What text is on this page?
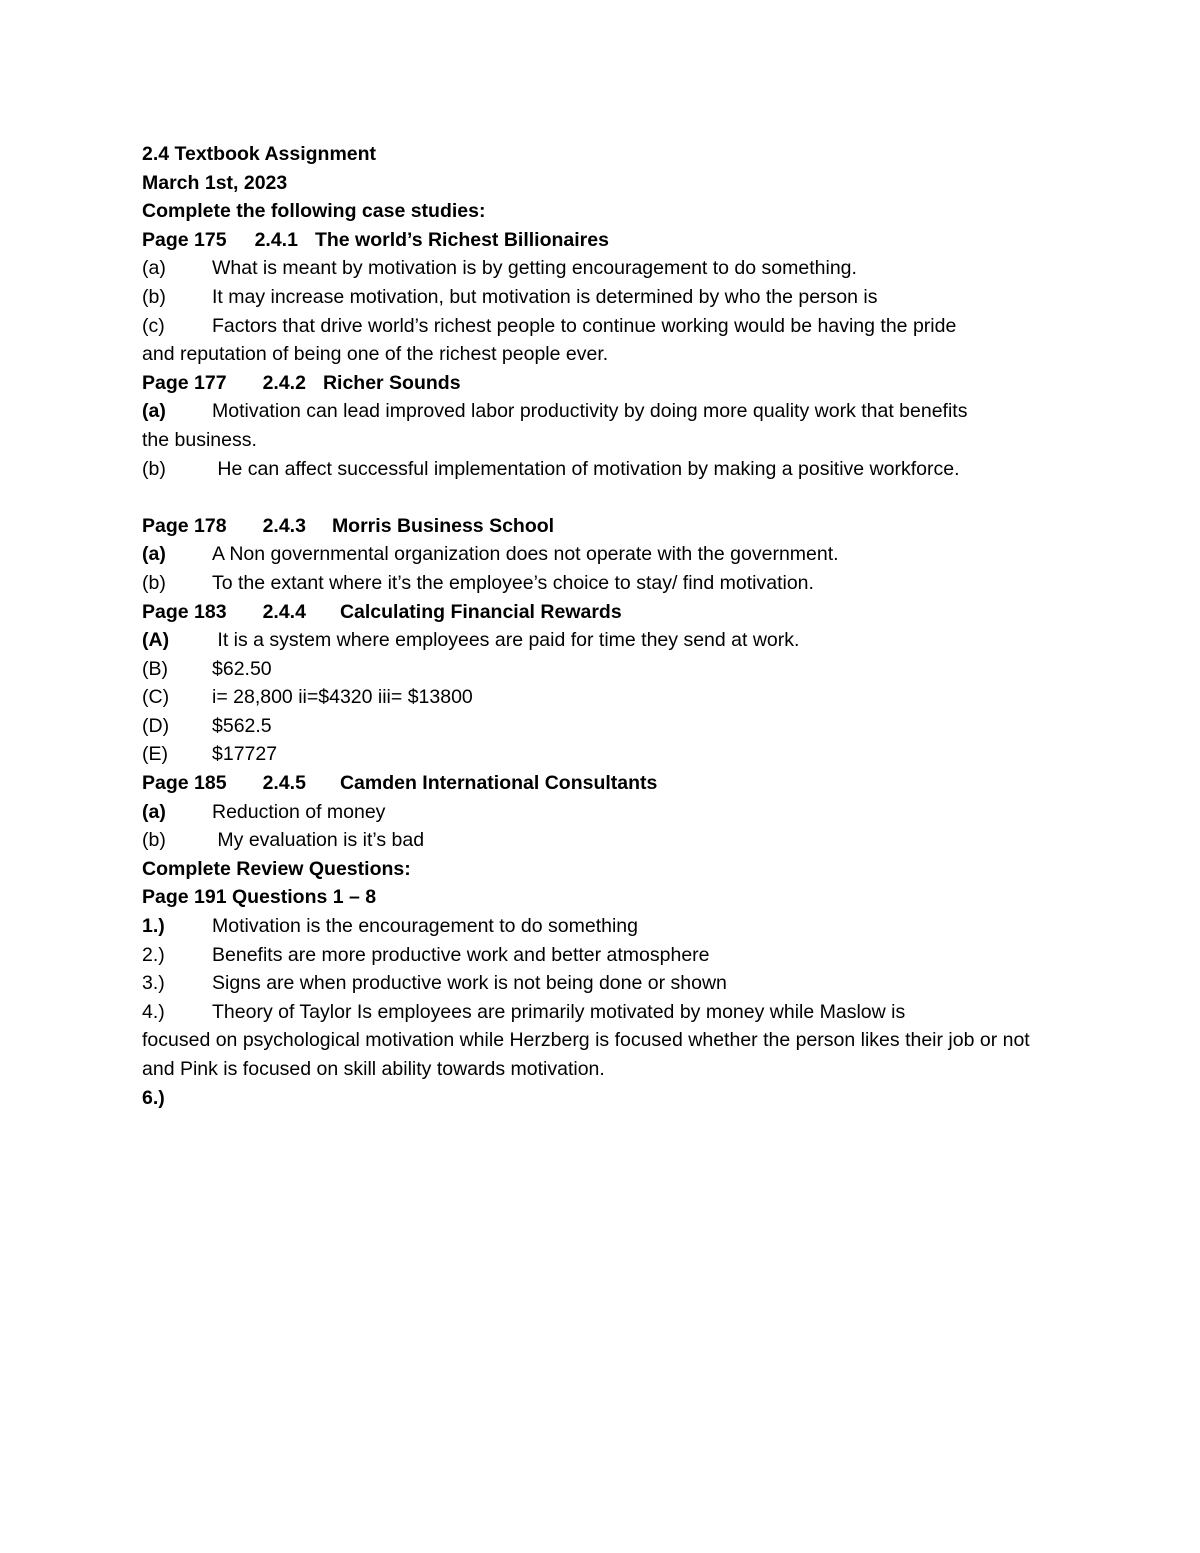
2.4 Textbook Assignment
March 1st, 2023
Complete the following case studies:
Page 175 2.4.1 The world’s Richest Billionaires
(a)	What is meant by motivation is by getting encouragement to do something.
(b)	It may increase motivation, but motivation is determined by who the person is
(c)	Factors that drive world’s richest people to continue working would be having the pride
and reputation of being one of the richest people ever.
Page 177 2.4.2 Richer Sounds
(a)	Motivation can lead improved labor productivity by doing more quality work that benefits
the business.
(b)	He can affect successful implementation of motivation by making a positive workforce.
Page 178 2.4.3 Morris Business School
(a)	A Non governmental organization does not operate with the government.
(b)	To the extant where it’s the employee’s choice to stay/ find motivation.
Page 183 2.4.4 Calculating Financial Rewards
(A)	It is a system where employees are paid for time they send at work.
(B)	$62.50
(C)	i= 28,800 ii=$4320 iii= $13800
(D)	$562.5
(E)	$17727
Page 185 2.4.5 Camden International Consultants
(a)	Reduction of money
(b)	My evaluation is it’s bad
Complete Review Questions:
Page 191 Questions 1 – 8
1.)	Motivation is the encouragement to do something
2.)	Benefits are more productive work and better atmosphere
3.)	Signs are when productive work is not being done or shown
4.)	Theory of Taylor Is employees are primarily motivated by money while Maslow is
focused on psychological motivation while Herzberg is focused whether the person likes their job or not and Pink is focused on skill ability towards motivation.
6.)
